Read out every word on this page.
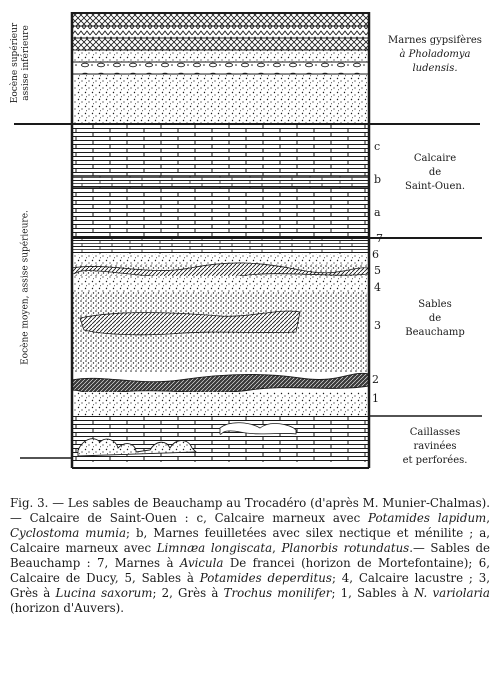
Marnes gypsifères
à Pholadomya
ludensis.
Calcaire
de
Saint-Ouen.
Sables
de
Beauchamp
Caillasses
ravinées
et perforées.
Eocène supérieur assise inférieure
Eocène moyen, assise supérieure.
c
b
a
7
6
5
4
3
2
1
Fig. 3. — Les sables de Beauchamp au Trocadéro (d'après M. Munier-Chalmas). — Calcaire de Saint-Ouen : c, Calcaire marneux avec Potamides lapidum, Cyclostoma mumia; b, Marnes feuilletées avec silex nectique et ménilite ; a, Calcaire marneux avec Limnæa longiscata, Planorbis rotundatus.— Sables de Beauchamp : 7, Marnes à Avicula De francei (horizon de Mortefontaine); 6, Calcaire de Ducy, 5, Sables à Potamides deperditus; 4, Calcaire lacustre ; 3, Grès à Lucina saxorum; 2, Grès à Trochus monilifer; 1, Sables à N. variolaria (horizon d'Auvers).
